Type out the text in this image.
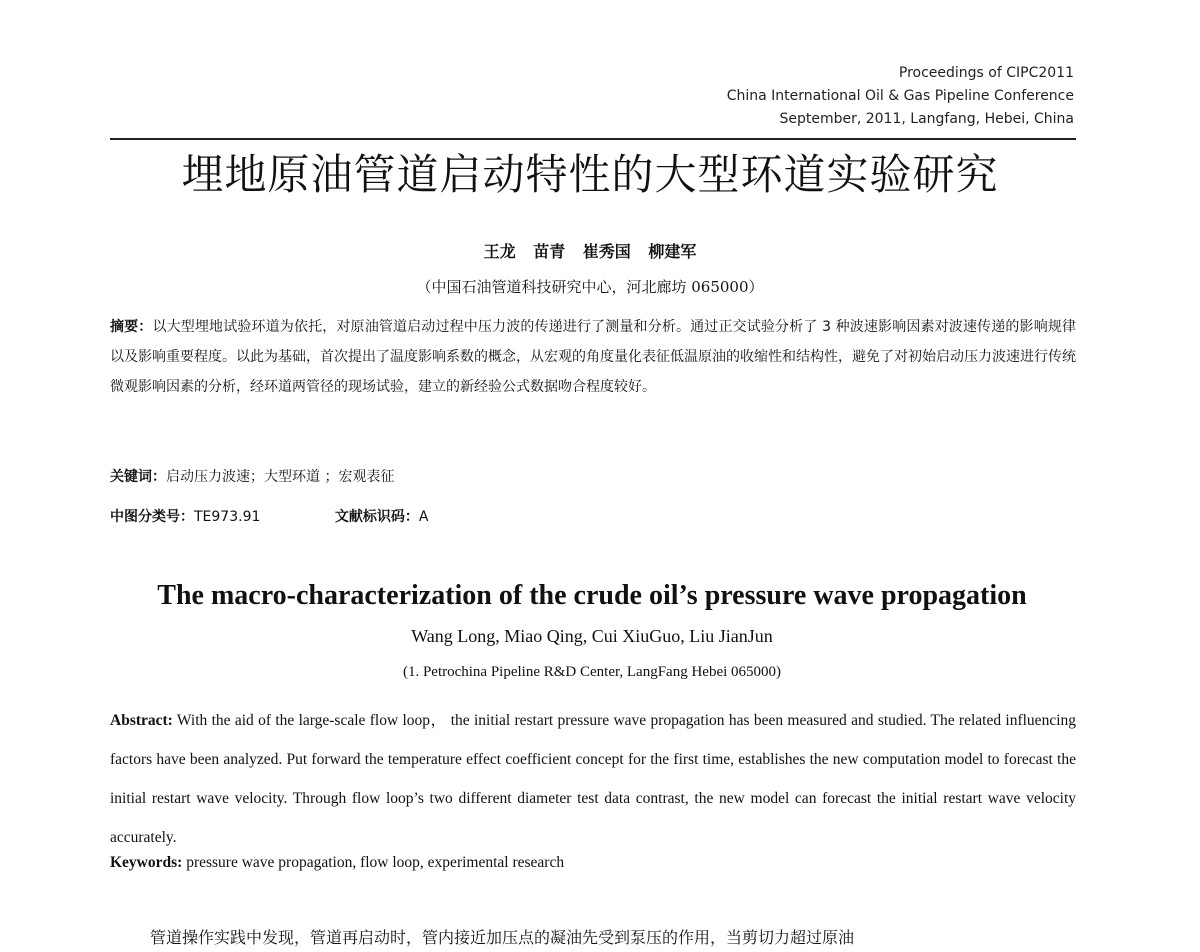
Proceedings of CIPC2011
China International Oil & Gas Pipeline Conference
September, 2011, Langfang, Hebei, China
埋地原油管道启动特性的大型环道实验研究
王龙 苗青 崔秀国 柳建军
（中国石油管道科技研究中心，河北廊坊 065000）
摘要：以大型埋地试验环道为依托，对原油管道启动过程中压力波的传递进行了测量和分析。通过正交试验分析了 3 种波速影响因素对波速传递的影响规律以及影响重要程度。以此为基础，首次提出了温度影响系数的概念，从宏观的角度量化表征低温原油的收缩性和结构性，避免了对初始启动压力波速进行传统微观影响因素的分析，经环道两管径的现场试验，建立的新经验公式数据吻合程度较好。
关键词：启动压力波速；大型环道 ；宏观表征
中图分类号：TE973.91	文献标识码：A
The macro-characterization of the crude oil’s pressure wave propagation
Wang Long, Miao Qing, Cui XiuGuo, Liu JianJun
(1. Petrochina Pipeline R&D Center, LangFang Hebei 065000)
Abstract: With the aid of the large-scale flow loop， the initial restart pressure wave propagation has been measured and studied. The related influencing factors have been analyzed. Put forward the temperature effect coefficient concept for the first time, establishes the new computation model to forecast the initial restart wave velocity. Through flow loop’s two different diameter test data contrast, the new model can forecast the initial restart wave velocity accurately.
Keywords: pressure wave propagation, flow loop, experimental research
管道操作实践中发现，管道再启动时，管内接近加压点的凝油先受到泵压的作用，当剪切力超过原油
